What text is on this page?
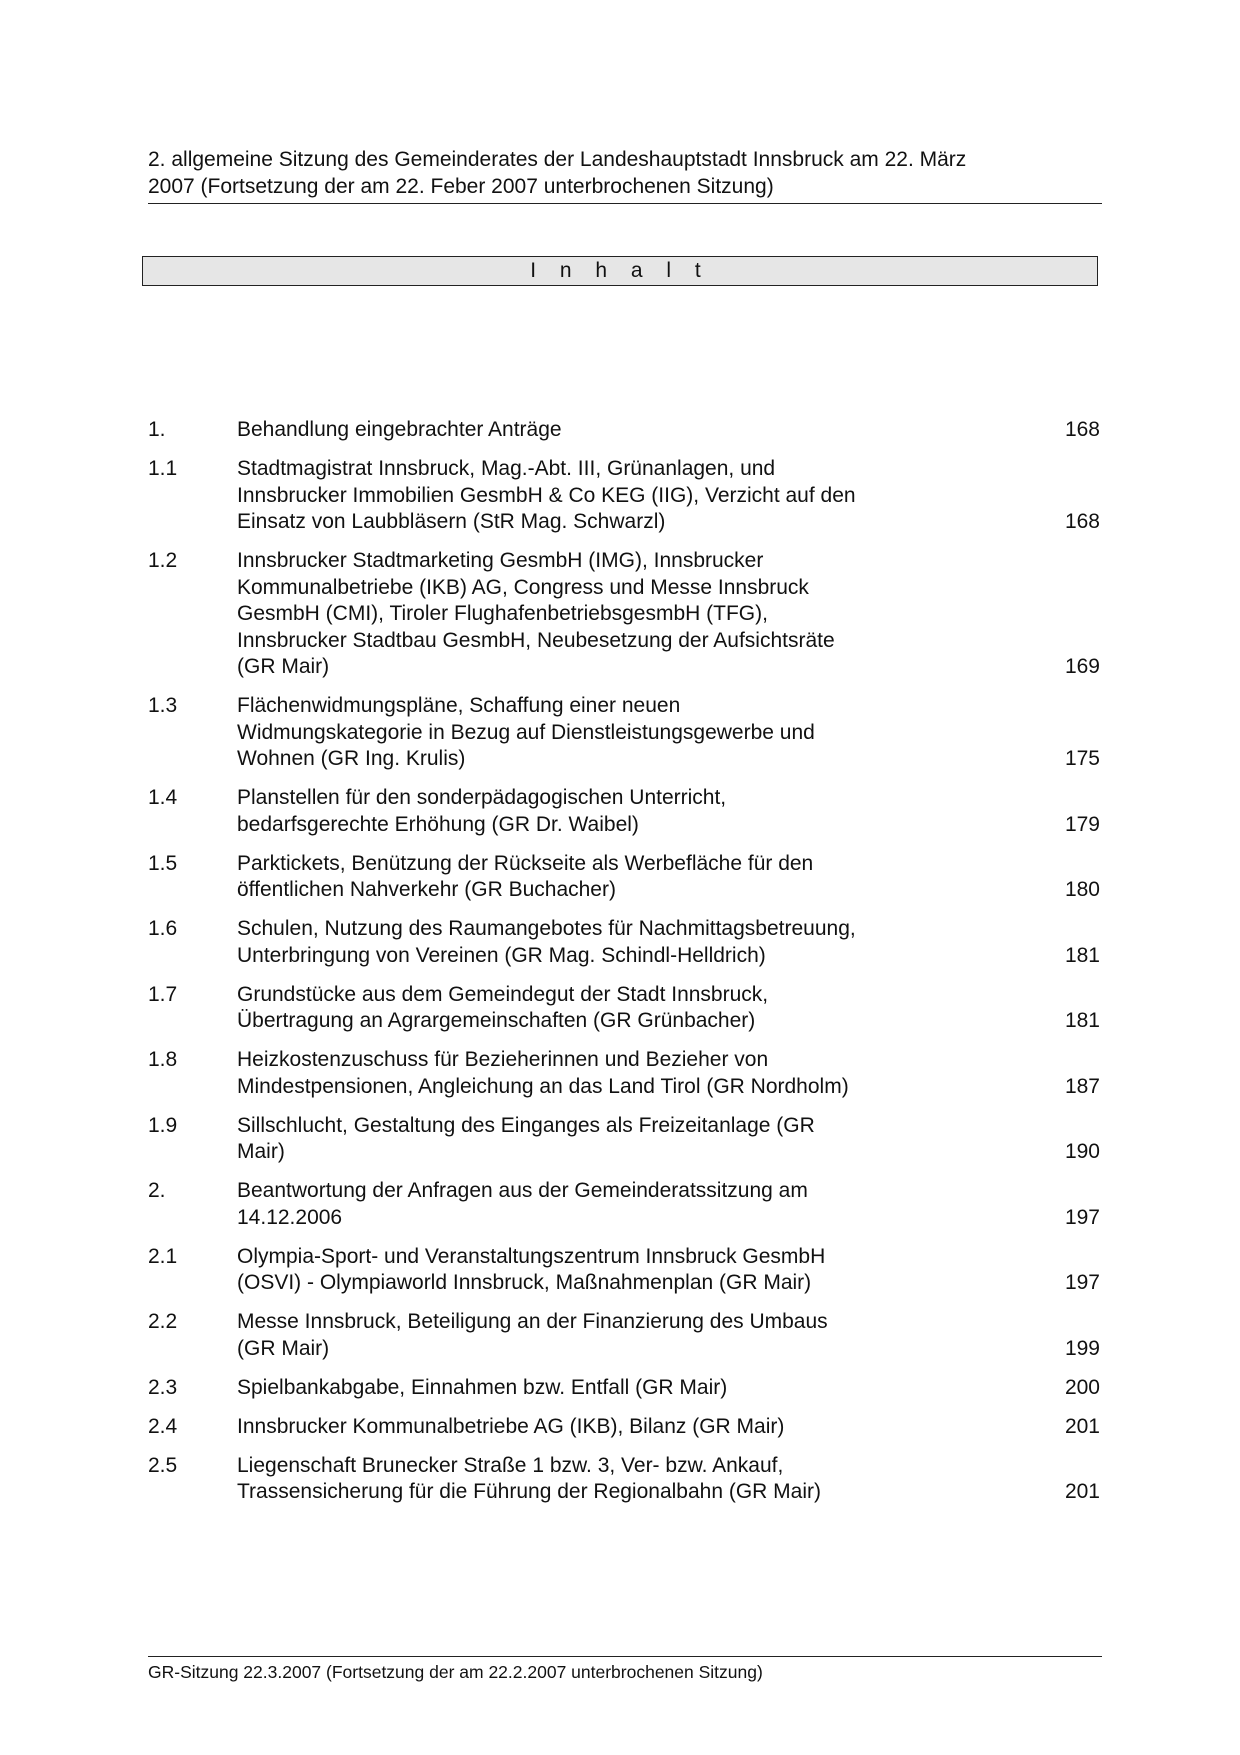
2. allgemeine Sitzung des Gemeinderates der Landeshauptstadt Innsbruck am 22. März
2007 (Fortsetzung der am 22. Feber 2007 unterbrochenen Sitzung)
I n h a l t
1.	Behandlung eingebrachter Anträge	168
1.1	Stadtmagistrat Innsbruck, Mag.-Abt. III, Grünanlagen, und
Innsbrucker Immobilien GesmbH & Co KEG (IIG), Verzicht auf den
Einsatz von Laubbläsern (StR Mag. Schwarzl)	168
1.2	Innsbrucker Stadtmarketing GesmbH (IMG), Innsbrucker
Kommunalbetriebe (IKB) AG, Congress und Messe Innsbruck
GesmbH (CMI), Tiroler FlughafenbetriebsgesmbH (TFG),
Innsbrucker Stadtbau GesmbH, Neubesetzung der Aufsichtsräte
(GR Mair)	169
1.3	Flächenwidmungspläne, Schaffung einer neuen
Widmungskategorie in Bezug auf Dienstleistungsgewerbe und
Wohnen (GR Ing. Krulis)	175
1.4	Planstellen für den sonderpädagogischen Unterricht,
bedarfsgerechte Erhöhung (GR Dr. Waibel)	179
1.5	Parktickets, Benützung der Rückseite als Werbefläche für den
öffentlichen Nahverkehr (GR Buchacher)	180
1.6	Schulen, Nutzung des Raumangebotes für Nachmittagsbetreuung,
Unterbringung von Vereinen (GR Mag. Schindl-Helldrich)	181
1.7	Grundstücke aus dem Gemeindegut der Stadt Innsbruck,
Übertragung an Agrargemeinschaften (GR Grünbacher)	181
1.8	Heizkostenzuschuss für Bezieherinnen und Bezieher von
Mindestpensionen, Angleichung an das Land Tirol (GR Nordholm)	187
1.9	Sillschlucht, Gestaltung des Einganges als Freizeitanlage (GR
Mair)	190
2.	Beantwortung der Anfragen aus der Gemeinderatssitzung am
14.12.2006	197
2.1	Olympia-Sport- und Veranstaltungszentrum Innsbruck GesmbH
(OSVI) - Olympiaworld Innsbruck, Maßnahmenplan (GR Mair)	197
2.2	Messe Innsbruck, Beteiligung an der Finanzierung des Umbaus
(GR Mair)	199
2.3	Spielbankabgabe, Einnahmen bzw. Entfall (GR Mair)	200
2.4	Innsbrucker Kommunalbetriebe AG (IKB), Bilanz (GR Mair)	201
2.5	Liegenschaft Brunecker Straße 1 bzw. 3, Ver- bzw. Ankauf,
Trassensicherung für die Führung der Regionalbahn (GR Mair)	201
GR-Sitzung 22.3.2007 (Fortsetzung der am 22.2.2007 unterbrochenen Sitzung)
